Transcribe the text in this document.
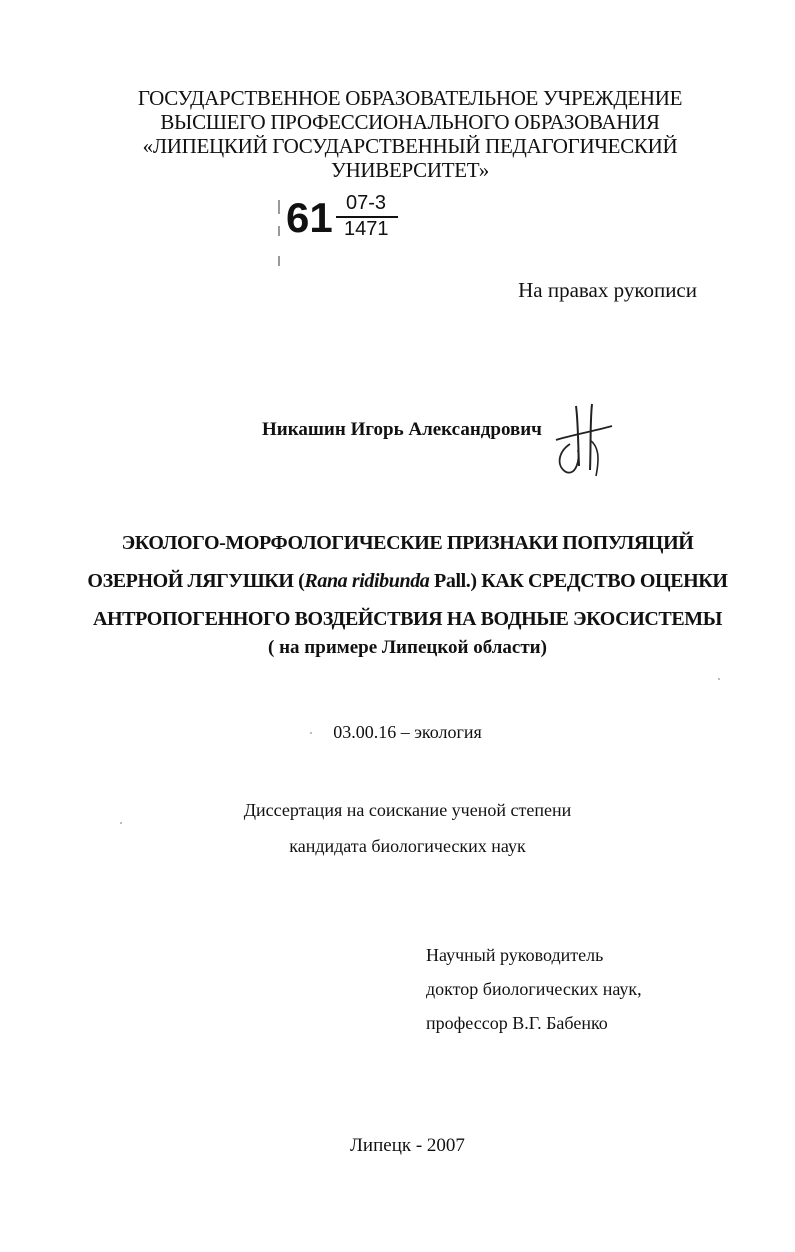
ГОСУДАРСТВЕННОЕ ОБРАЗОВАТЕЛЬНОЕ УЧРЕЖДЕНИЕ
ВЫСШЕГО ПРОФЕССИОНАЛЬНОГО ОБРАЗОВАНИЯ
«ЛИПЕЦКИЙ ГОСУДАРСТВЕННЫЙ ПЕДАГОГИЧЕСКИЙ
УНИВЕРСИТЕТ»
61 07-3
1471
На правах рукописи
Никашин Игорь Александрович
ЭКОЛОГО-МОРФОЛОГИЧЕСКИЕ ПРИЗНАКИ ПОПУЛЯЦИЙ
ОЗЕРНОЙ ЛЯГУШКИ (Rana ridibunda Pall.) КАК СРЕДСТВО ОЦЕНКИ
АНТРОПОГЕННОГО ВОЗДЕЙСТВИЯ НА ВОДНЫЕ ЭКОСИСТЕМЫ
( на примере Липецкой области)
03.00.16 – экология
Диссертация на соискание ученой степени
кандидата биологических наук
Научный руководитель
доктор биологических наук,
профессор В.Г. Бабенко
Липецк - 2007
